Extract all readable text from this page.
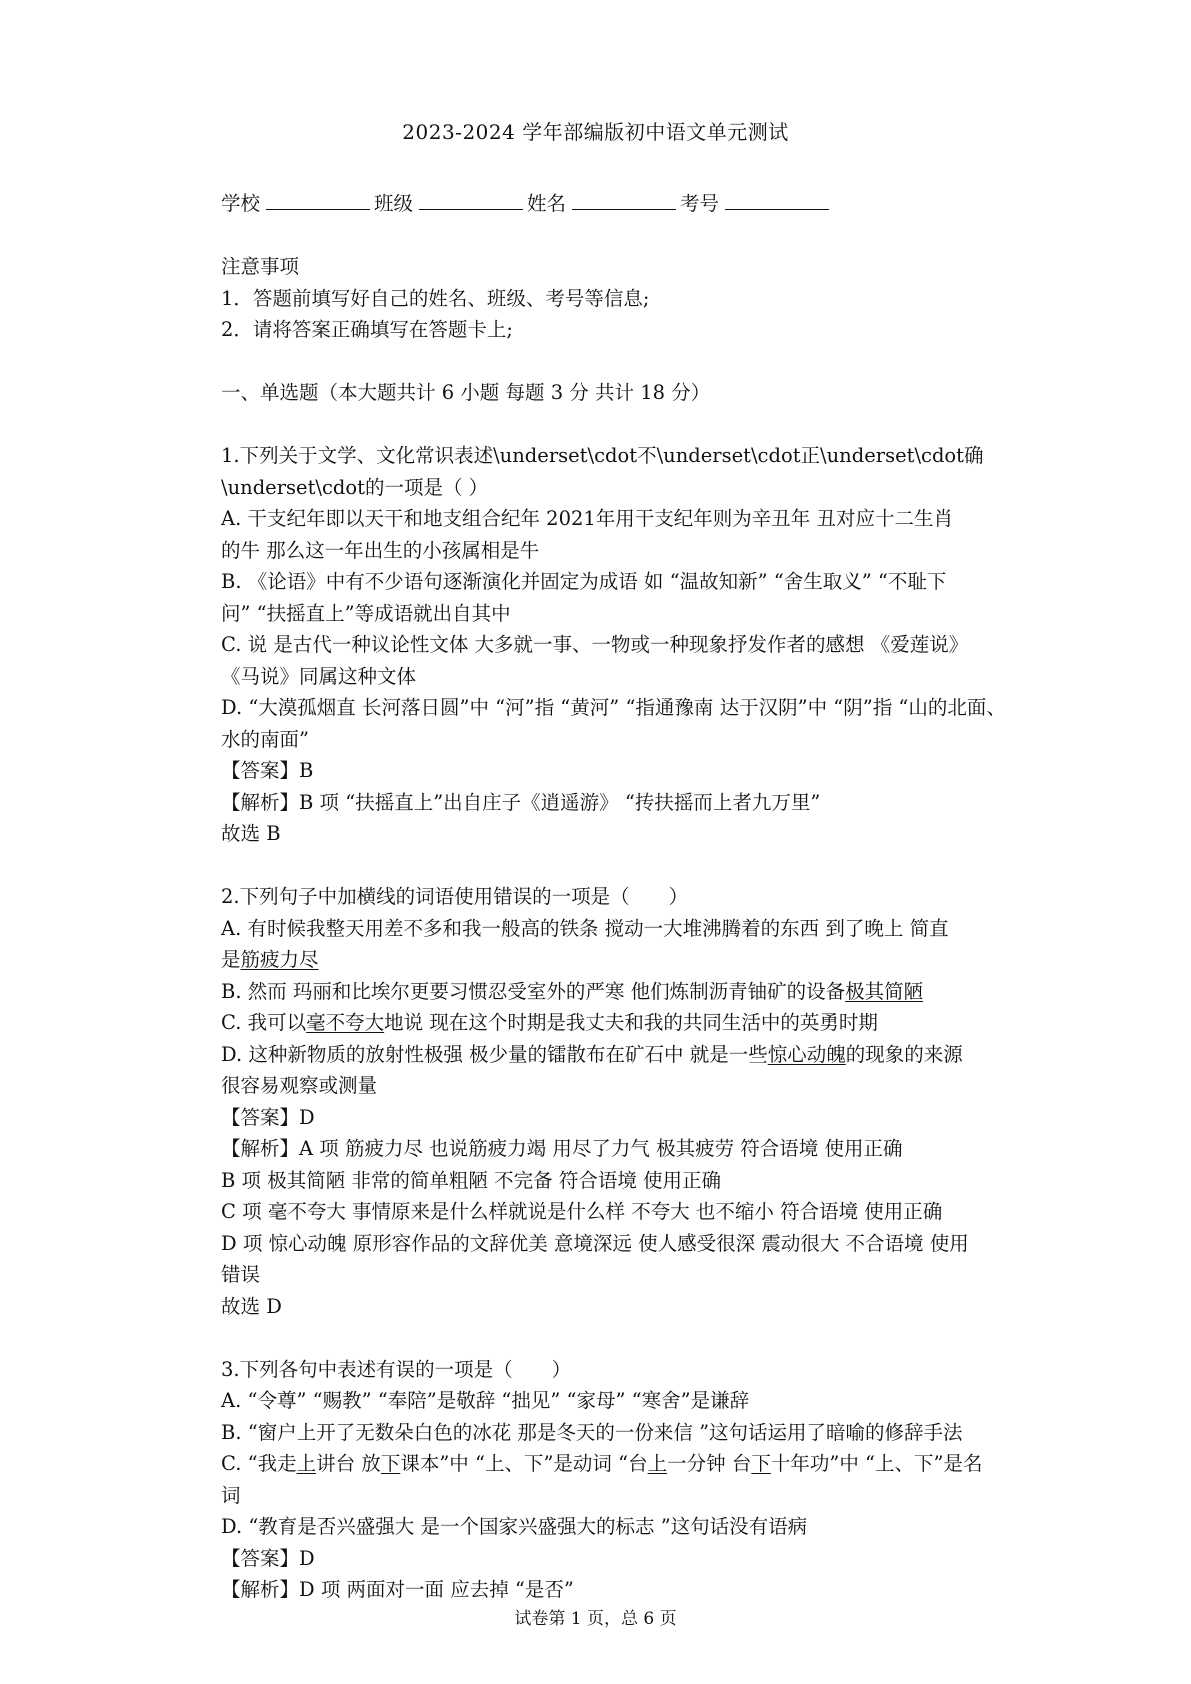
2023-2024 学年部编版初中语文单元测试
学校	班级	姓名	考号
注意事项
1．答题前填写好自己的姓名、班级、考号等信息;
2．请将答案正确填写在答题卡上;
一、单选题（本大题共计 6 小题 每题 3 分 共计 18 分）
1.下列关于文学、文化常识表述\underset\cdot不\underset\cdot正\underset\cdot确
\underset\cdot的一项是（ ）
A. 干支纪年即以天干和地支组合纪年 2021年用干支纪年则为辛丑年 丑对应十二生肖
的牛 那么这一年出生的小孩属相是牛
B. 《论语》中有不少语句逐渐演化并固定为成语 如 “温故知新” “舍生取义” “不耻下
问” “扶摇直上”等成语就出自其中
C. 说 是古代一种议论性文体 大多就一事、一物或一种现象抒发作者的感想 《爱莲说》
《马说》同属这种文体
D. “大漠孤烟直 长河落日圆”中 “河”指 “黄河” “指通豫南 达于汉阴”中 “阴”指 “山的北面、
水的南面”
【答案】B
【解析】B 项 “扶摇直上”出自庄子《逍遥游》 “抟扶摇而上者九万里”
故选 B
2.下列句子中加横线的词语使用错误的一项是（　　）
A. 有时候我整天用差不多和我一般高的铁条 搅动一大堆沸腾着的东西 到了晚上 简直
是筋疲力尽
B. 然而 玛丽和比埃尔更要习惯忍受室外的严寒 他们炼制沥青铀矿的设备极其简陋
C. 我可以毫不夸大地说 现在这个时期是我丈夫和我的共同生活中的英勇时期
D. 这种新物质的放射性极强 极少量的镭散布在矿石中 就是一些惊心动魄的现象的来源
很容易观察或测量
【答案】D
【解析】A 项 筋疲力尽 也说筋疲力竭 用尽了力气 极其疲劳 符合语境 使用正确
B 项 极其简陋 非常的简单粗陋 不完备 符合语境 使用正确
C 项 毫不夸大 事情原来是什么样就说是什么样 不夸大 也不缩小 符合语境 使用正确
D 项 惊心动魄 原形容作品的文辞优美 意境深远 使人感受很深 震动很大 不合语境 使用
错误
故选 D
3.下列各句中表述有误的一项是（　　）
A. “令尊” “赐教” “奉陪”是敬辞 “拙见” “家母” “寒舍”是谦辞
B. “窗户上开了无数朵白色的冰花 那是冬天的一份来信 ”这句话运用了暗喻的修辞手法
C. “我走上讲台 放下课本”中 “上、下”是动词 “台上一分钟 台下十年功”中 “上、下”是名
词
D. “教育是否兴盛强大 是一个国家兴盛强大的标志 ”这句话没有语病
【答案】D
【解析】D 项 两面对一面 应去掉 “是否”
试卷第 1 页，总 6 页
